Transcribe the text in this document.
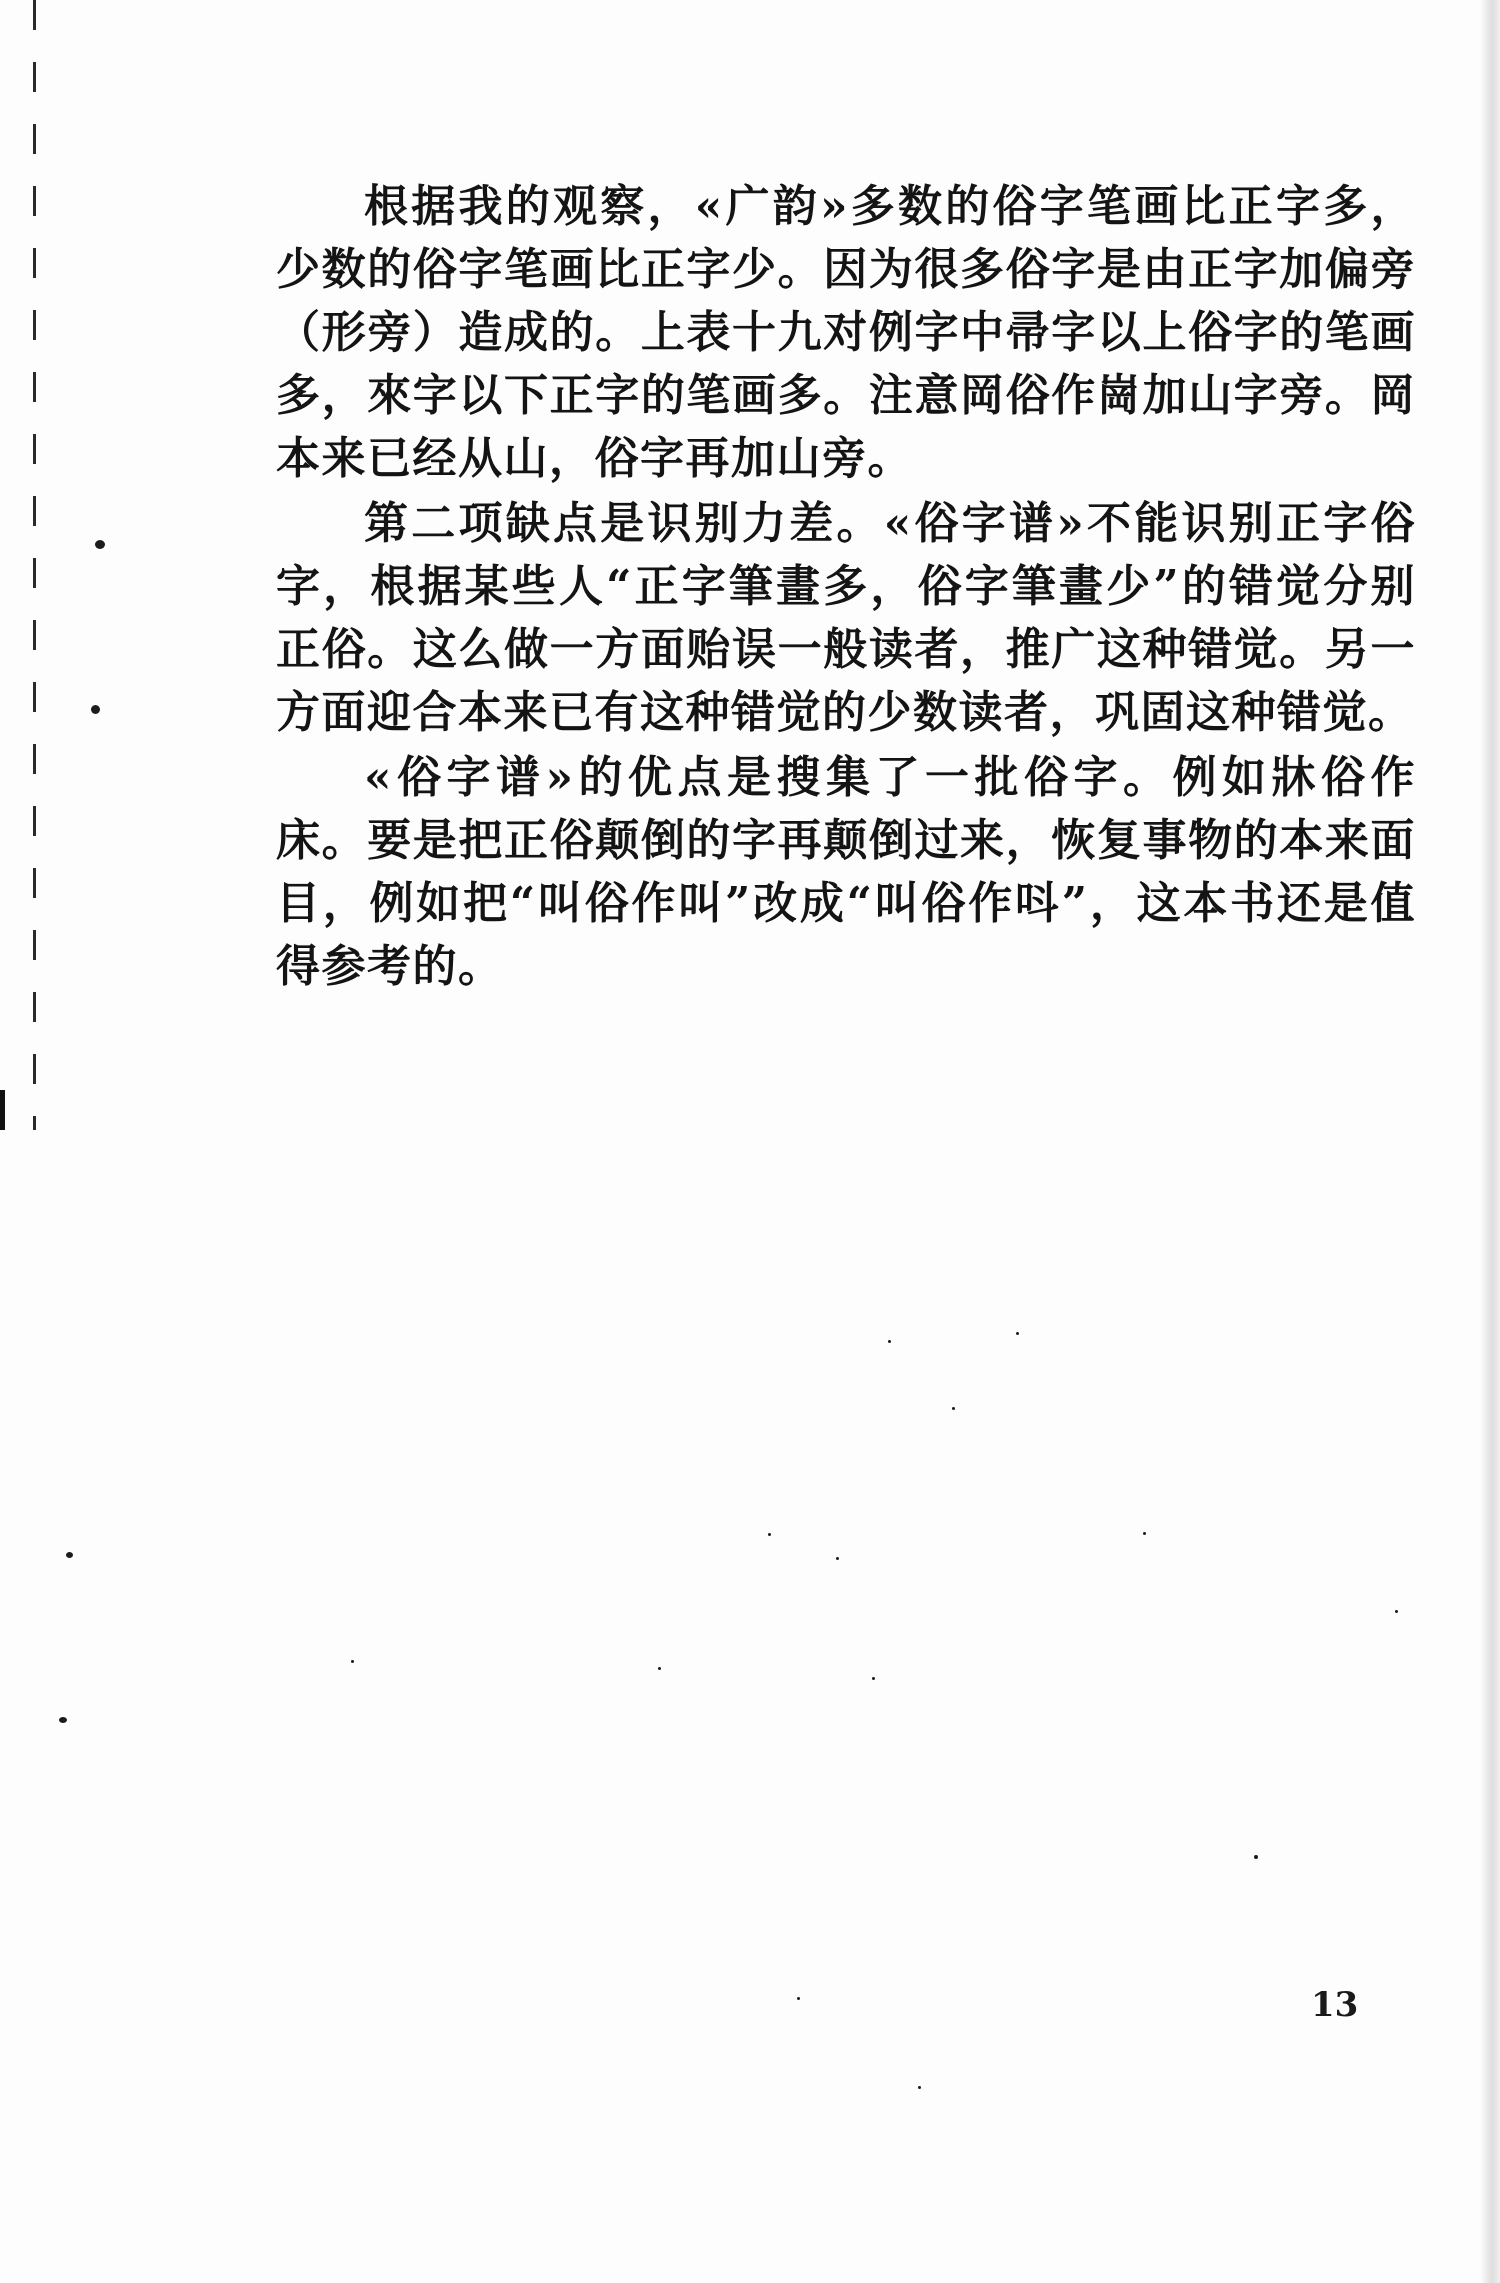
根据我的观察，«广韵»多数的俗字笔画比正字多，少数的俗字笔画比正字少。因为很多俗字是由正字加偏旁（形旁）造成的。上表十九对例字中帚字以上俗字的笔画多，來字以下正字的笔画多。注意岡俗作崗加山字旁。岡本来已经从山，俗字再加山旁。

第二项缺点是识别力差。«俗字谱»不能识别正字俗字，根据某些人“正字筆畫多，俗字筆畫少”的错觉分别正俗。这么做一方面贻误一般读者，推广这种错觉。另一方面迎合本来已有这种错觉的少数读者，巩固这种错觉。

«俗字谱»的优点是搜集了一批俗字。例如牀俗作床。要是把正俗颠倒的字再颠倒过来，恢复事物的本来面目，例如把“叫俗作叫”改成“叫俗作呌”，这本书还是值得参考的。

13
